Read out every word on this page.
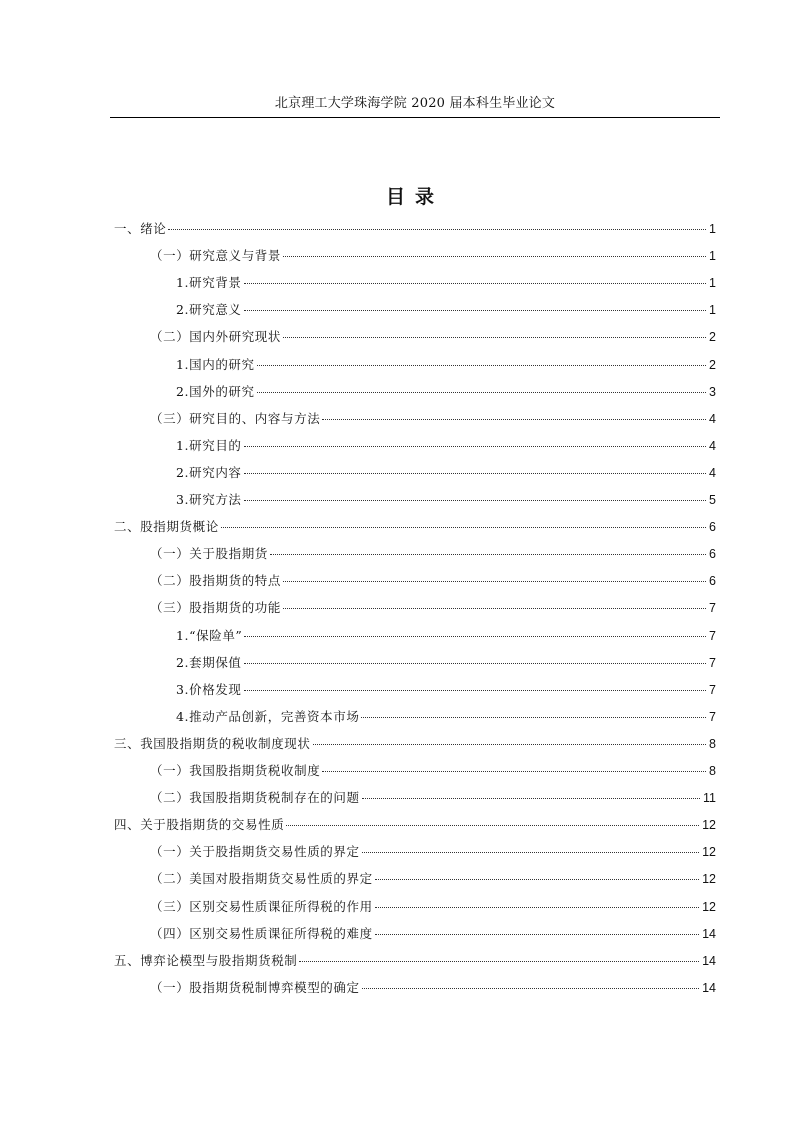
北京理工大学珠海学院 2020 届本科生毕业论文
目录
一、绪论	1
（一）研究意义与背景	1
1.研究背景	1
2.研究意义	1
（二）国内外研究现状	2
1.国内的研究	2
2.国外的研究	3
（三）研究目的、内容与方法	4
1.研究目的	4
2.研究内容	4
3.研究方法	5
二、股指期货概论	6
（一）关于股指期货	6
（二）股指期货的特点	6
（三）股指期货的功能	7
1.“保险单”	7
2.套期保值	7
3.价格发现	7
4.推动产品创新，完善资本市场	7
三、我国股指期货的税收制度现状	8
（一）我国股指期货税收制度	8
（二）我国股指期货税制存在的问题	11
四、关于股指期货的交易性质	12
（一）关于股指期货交易性质的界定	12
（二）美国对股指期货交易性质的界定	12
（三）区别交易性质课征所得税的作用	12
（四）区别交易性质课征所得税的难度	14
五、博弈论模型与股指期货税制	14
（一）股指期货税制博弈模型的确定	14
